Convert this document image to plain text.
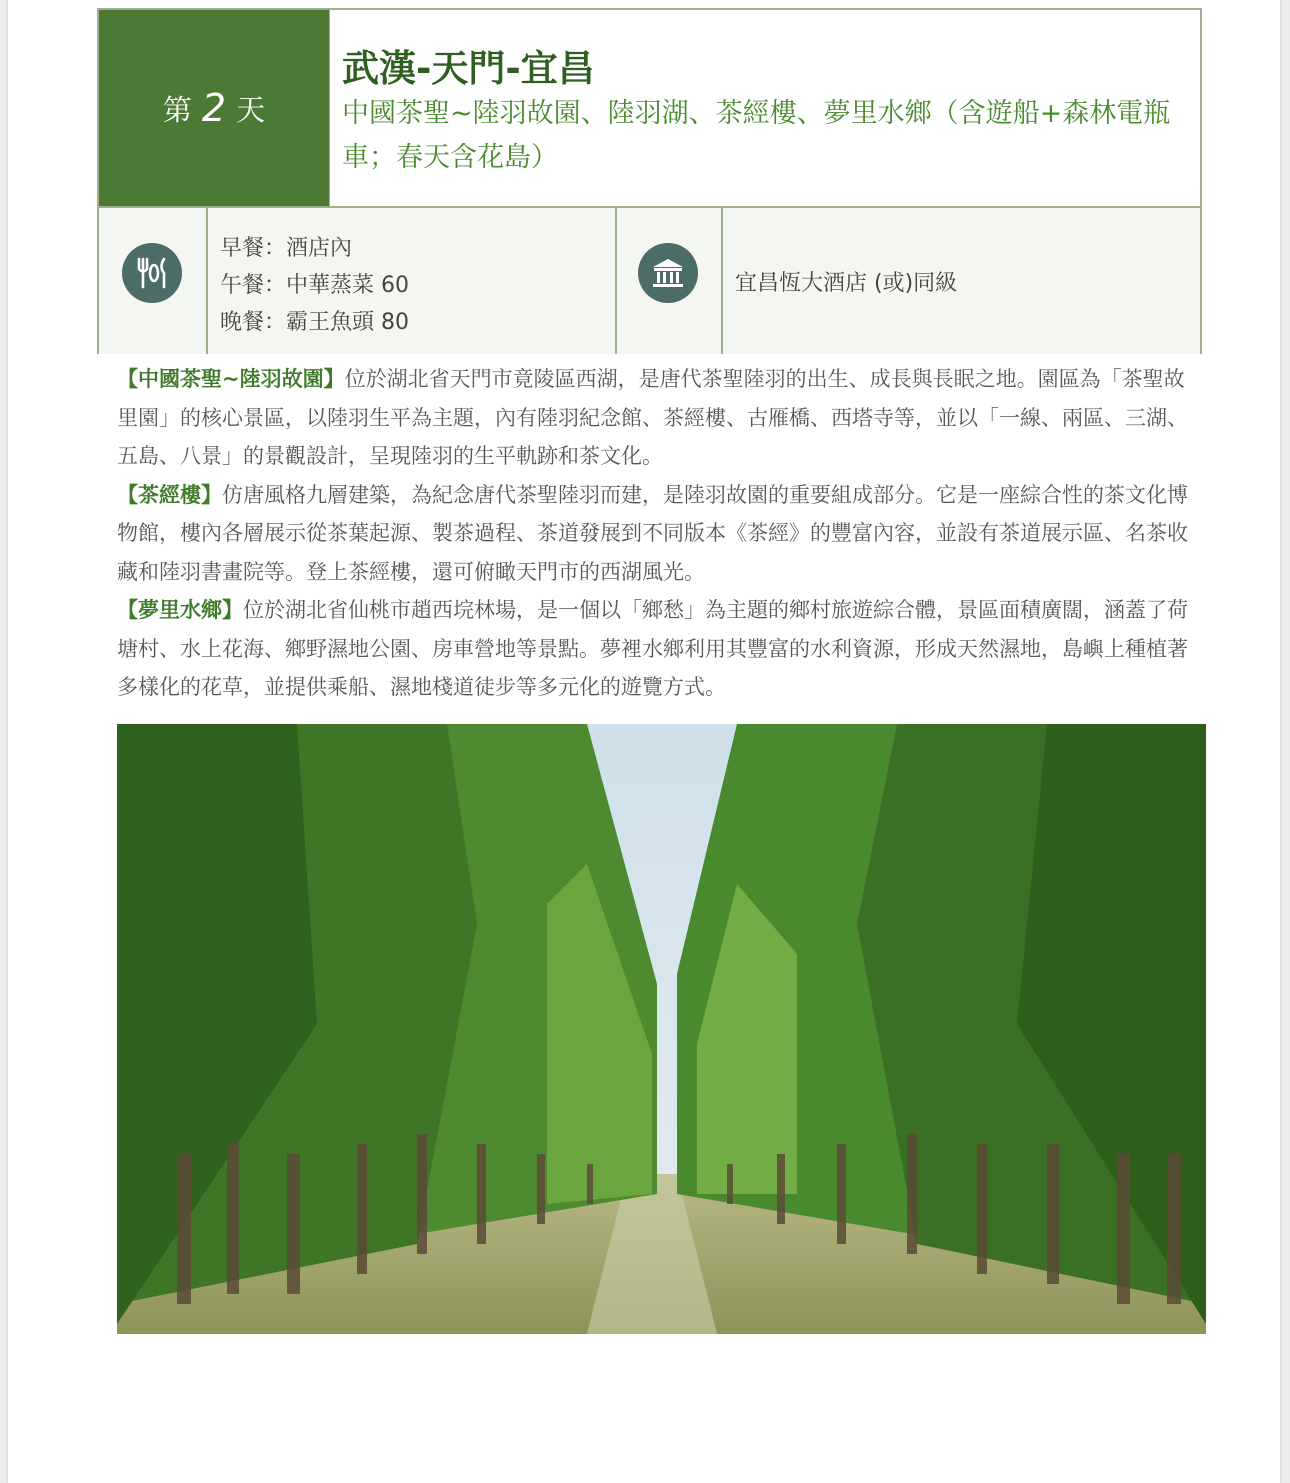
第 2 天
武漢-天門-宜昌
中國茶聖~陸羽故園、陸羽湖、茶經樓、夢里水鄉（含遊船+森林電瓶車；春天含花島）
早餐：酒店內
午餐：中華蒸菜 60
晚餐：霸王魚頭 80
宜昌恆大酒店 (或)同級
【中國茶聖~陸羽故園】位於湖北省天門市竟陵區西湖，是唐代茶聖陸羽的出生、成長與長眠之地。園區為「茶聖故里園」的核心景區，以陸羽生平為主題，內有陸羽紀念館、茶經樓、古雁橋、西塔寺等，並以「一線、兩區、三湖、五島、八景」的景觀設計，呈現陸羽的生平軌跡和茶文化。
【茶經樓】仿唐風格九層建築，為紀念唐代茶聖陸羽而建，是陸羽故園的重要組成部分。它是一座綜合性的茶文化博物館，樓內各層展示從茶葉起源、製茶過程、茶道發展到不同版本《茶經》的豐富內容，並設有茶道展示區、名茶收藏和陸羽書畫院等。登上茶經樓，還可俯瞰天門市的西湖風光。
【夢里水鄉】位於湖北省仙桃市趙西垸林場，是一個以「鄉愁」為主題的鄉村旅遊綜合體，景區面積廣闊，涵蓋了荷塘村、水上花海、鄉野濕地公園、房車營地等景點。夢裡水鄉利用其豐富的水利資源，形成天然濕地，島嶼上種植著多樣化的花草，並提供乘船、濕地棧道徒步等多元化的遊覽方式。
